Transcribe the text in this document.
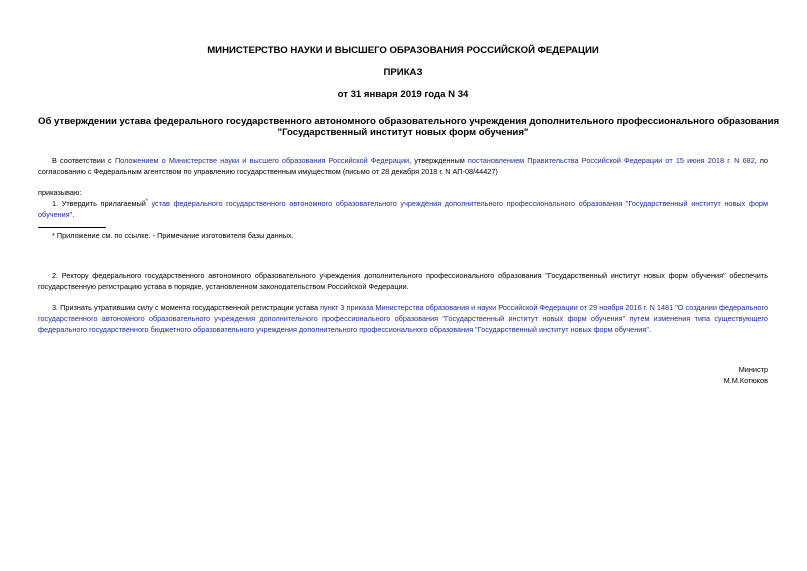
МИНИСТЕРСТВО НАУКИ И ВЫСШЕГО ОБРАЗОВАНИЯ РОССИЙСКОЙ ФЕДЕРАЦИИ
ПРИКАЗ
от 31 января 2019 года N 34
Об утверждении устава федерального государственного автономного образовательного учреждения дополнительного профессионального образования
"Государственный институт новых форм обучения"
В соответствии с Положением о Министерстве науки и высшего образования Российской Федерации, утвержденным постановлением Правительства Российской Федерации от 15 июня 2018 г. N 682, по согласованию с Федеральным агентством по управлению государственным имуществом (письмо от 28 декабря 2018 г. N АП-08/44427)
приказываю:
1. Утвердить прилагаемый* устав федерального государственного автономного образовательного учреждения дополнительного профессионального образования "Государственный институт новых форм обучения".
* Приложение см. по ссылке. - Примечание изготовителя базы данных.
2. Ректору федерального государственного автономного образовательного учреждения дополнительного профессионального образования "Государственный институт новых форм обучения" обеспечить государственную регистрацию устава в порядке, установленном законодательством Российской Федерации.
3. Признать утратившим силу с момента государственной регистрации устава пункт 3 приказа Министерства образования и науки Российской Федерации от 29 ноября 2016 г. N 1481 "О создании федерального государственного автономного образовательного учреждения дополнительного профессионального образования "Государственный институт новых форм обучения" путем изменения типа существующего федерального государственного бюджетного образовательного учреждения дополнительного профессионального образования "Государственный институт новых форм обучения".
Министр
М.М.Котюков
